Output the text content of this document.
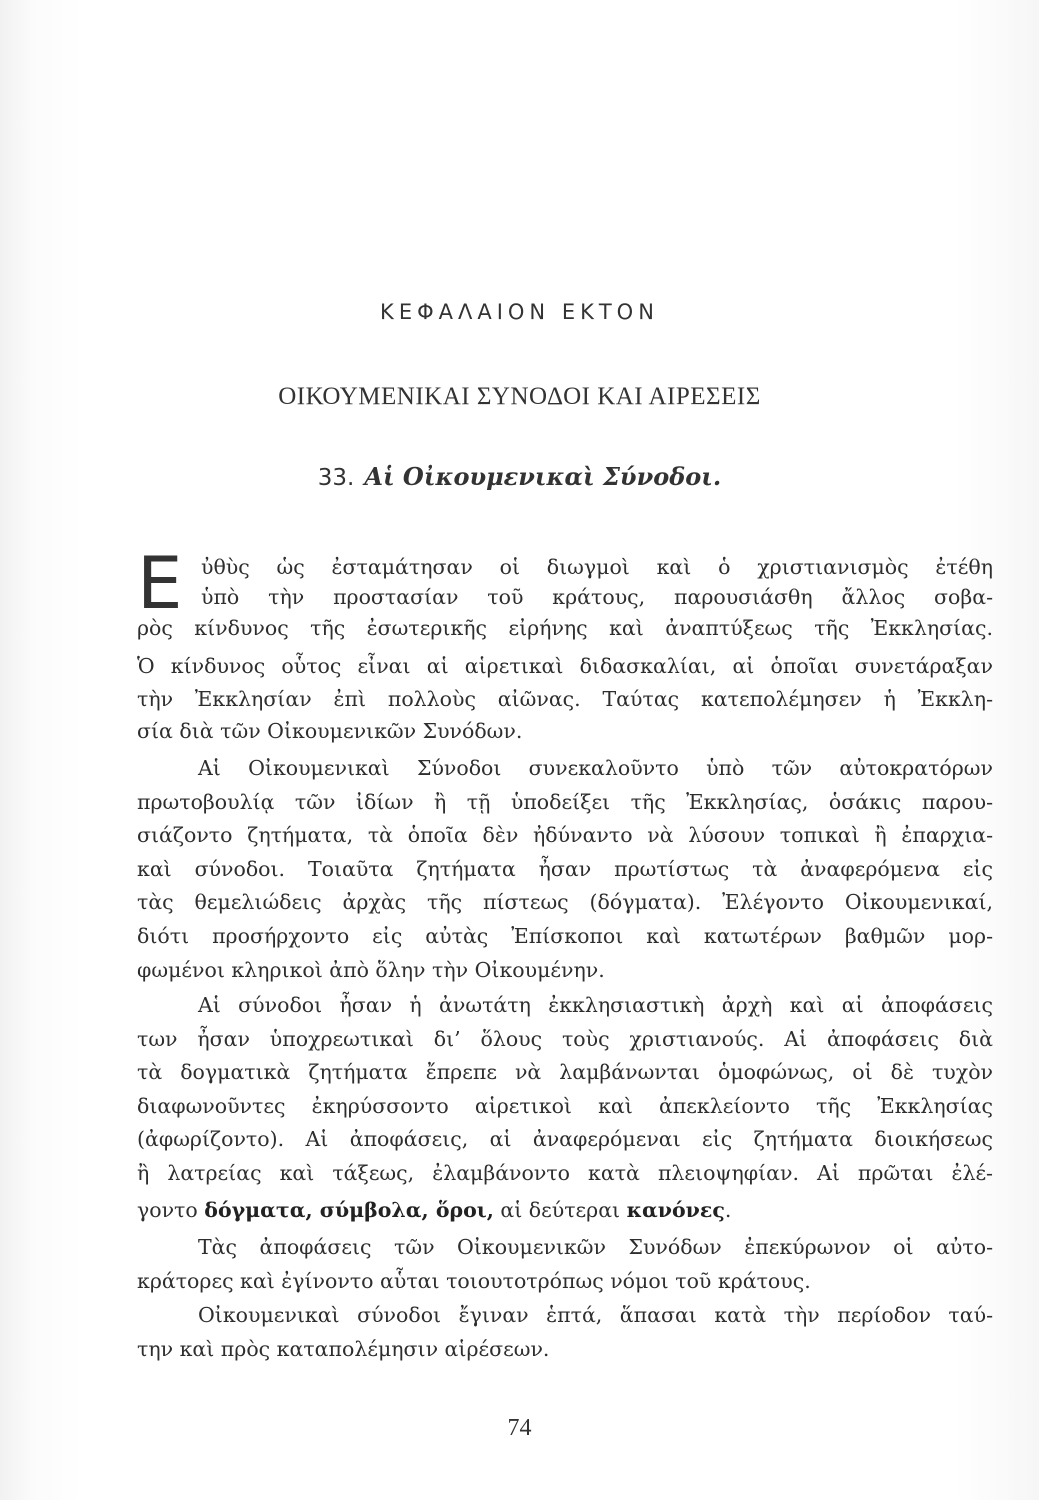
ΚΕΦΑΛΑΙΟΝ ΕΚΤΟΝ
ΟΙΚΟΥΜΕΝΙΚΑΙ ΣΥΝΟΔΟΙ ΚΑΙ ΑΙΡΕΣΕΙΣ
33. Αἱ Οἰκουμενικαὶ Σύνοδοι.
Ε ὐθὺς ὡς ἐσταμάτησαν οἱ διωγμοὶ καὶ ὁ χριστιανισμὸς ἐτέθη
ὑπὸ τὴν προστασίαν τοῦ κράτους, παρουσιάσθη ἄλλος σοβα-
ρὸς κίνδυνος τῆς ἐσωτερικῆς εἰρήνης καὶ ἀναπτύξεως τῆς Ἐκκλησίας.
Ὁ κίνδυνος οὗτος εἶναι αἱ αἱρετικαὶ διδασκαλίαι, αἱ ὁποῖαι συνετάραξαν
τὴν Ἐκκλησίαν ἐπὶ πολλοὺς αἰῶνας. Ταύτας κατεπολέμησεν ἡ Ἐκκλη-
σία διὰ τῶν Οἰκουμενικῶν Συνόδων.
Αἱ Οἰκουμενικαὶ Σύνοδοι συνεκαλοῦντο ὑπὸ τῶν αὐτοκρατόρων
πρωτοβουλίᾳ τῶν ἰδίων ἢ τῇ ὑποδείξει τῆς Ἐκκλησίας, ὁσάκις παρου-
σιάζοντο ζητήματα, τὰ ὁποῖα δὲν ἠδύναντο νὰ λύσουν τοπικαὶ ἢ ἐπαρχια-
καὶ σύνοδοι. Τοιαῦτα ζητήματα ἦσαν πρωτίστως τὰ ἀναφερόμενα εἰς
τὰς θεμελιώδεις ἀρχὰς τῆς πίστεως (δόγματα). Ἐλέγοντο Οἰκουμενικαί,
διότι προσήρχοντο εἰς αὐτὰς Ἐπίσκοποι καὶ κατωτέρων βαθμῶν μορ-
φωμένοι κληρικοὶ ἀπὸ ὅλην τὴν Οἰκουμένην.
Αἱ σύνοδοι ἦσαν ἡ ἀνωτάτη ἐκκλησιαστικὴ ἀρχὴ καὶ αἱ ἀποφάσεις
των ἦσαν ὑποχρεωτικαὶ δι’ ὅλους τοὺς χριστιανούς. Αἱ ἀποφάσεις διὰ
τὰ δογματικὰ ζητήματα ἔπρεπε νὰ λαμβάνωνται ὁμοφώνως, οἱ δὲ τυχὸν
διαφωνοῦντες ἐκηρύσσοντο αἱρετικοὶ καὶ ἀπεκλείοντο τῆς Ἐκκλησίας
(ἀφωρίζοντο). Αἱ ἀποφάσεις, αἱ ἀναφερόμεναι εἰς ζητήματα διοικήσεως
ἢ λατρείας καὶ τάξεως, ἐλαμβάνοντο κατὰ πλειοψηφίαν. Αἱ πρῶται ἐλέ-
γοντο δόγματα, σύμβολα, ὅροι, αἱ δεύτεραι κανόνες.
Τὰς ἀποφάσεις τῶν Οἰκουμενικῶν Συνόδων ἐπεκύρωνον οἱ αὐτο-
κράτορες καὶ ἐγίνοντο αὗται τοιουτοτρόπως νόμοι τοῦ κράτους.
Οἰκουμενικαὶ σύνοδοι ἔγιναν ἑπτά, ἅπασαι κατὰ τὴν περίοδον ταύ-
την καὶ πρὸς καταπολέμησιν αἱρέσεων.
74
